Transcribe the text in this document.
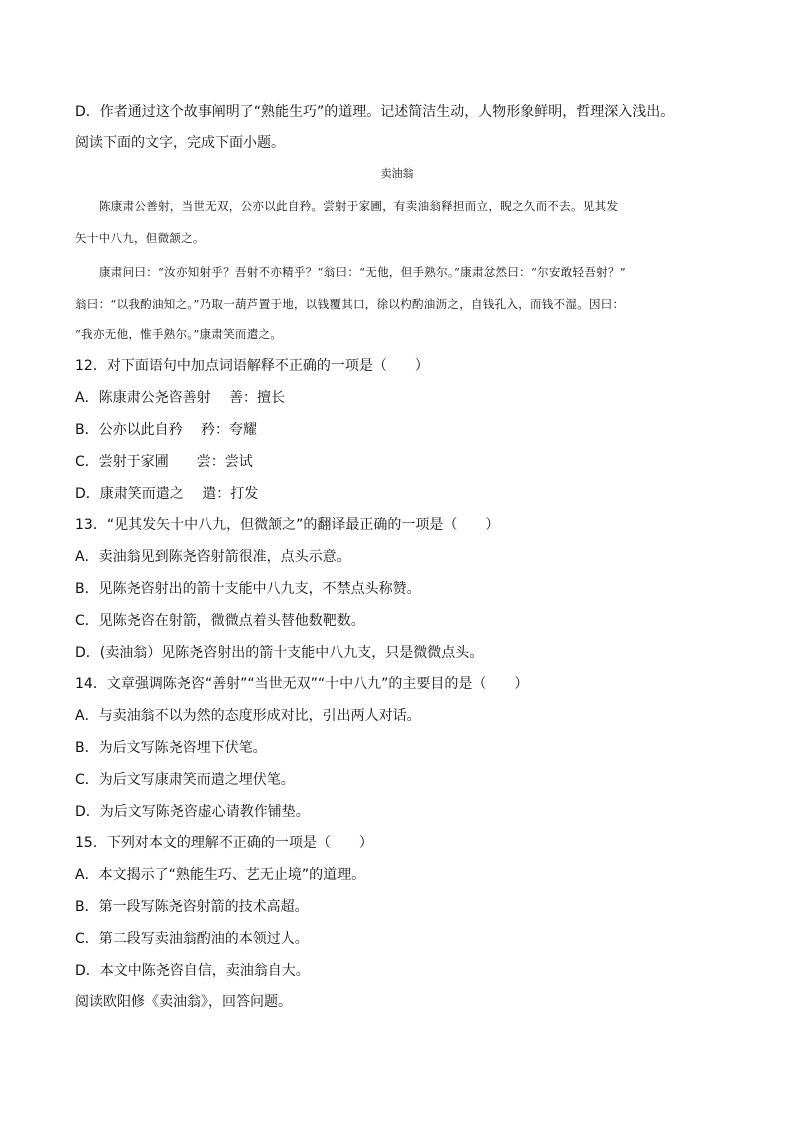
D．作者通过这个故事阐明了“熟能生巧”的道理。记述简洁生动，人物形象鲜明，哲理深入浅出。
阅读下面的文字，完成下面小题。
卖油翁
陈康肃公善射，当世无双，公亦以此自矜。尝射于家圃，有卖油翁释担而立，睨之久而不去。见其发
矢十中八九，但微颔之。
康肃问曰：“汝亦知射乎？吾射不亦精乎？”翁曰：“无他，但手熟尔。”康肃忿然曰：“尔安敢轻吾射？”
翁曰：“以我酌油知之。”乃取一葫芦置于地，以钱覆其口，徐以杓酌油沥之，自钱孔入，而钱不湿。因曰：
“我亦无他，惟手熟尔。”康肃笑而遣之。
12．对下面语句中加点词语解释不正确的一项是（　　）
A．陈康肃公尧咨善射　 善：擅长
B．公亦以此自矜　 矜：夸耀
C．尝射于家圃　　尝：尝试
D．康肃笑而遣之　 遣：打发
13．“见其发矢十中八九，但微颔之”的翻译最正确的一项是（　　）
A．卖油翁见到陈尧咨射箭很准，点头示意。
B．见陈尧咨射出的箭十支能中八九支，不禁点头称赞。
C．见陈尧咨在射箭，微微点着头替他数靶数。
D．(卖油翁）见陈尧咨射出的箭十支能中八九支，只是微微点头。
14．文章强调陈尧咨“善射”“当世无双”“十中八九”的主要目的是（　　）
A．与卖油翁不以为然的态度形成对比，引出两人对话。
B．为后文写陈尧咨埋下伏笔。
C．为后文写康肃笑而遣之埋伏笔。
D．为后文写陈尧咨虚心请教作铺垫。
15．下列对本文的理解不正确的一项是（　　）
A．本文揭示了“熟能生巧、艺无止境”的道理。
B．第一段写陈尧咨射箭的技术高超。
C．第二段写卖油翁酌油的本领过人。
D．本文中陈尧咨自信，卖油翁自大。
阅读欧阳修《卖油翁》，回答问题。
